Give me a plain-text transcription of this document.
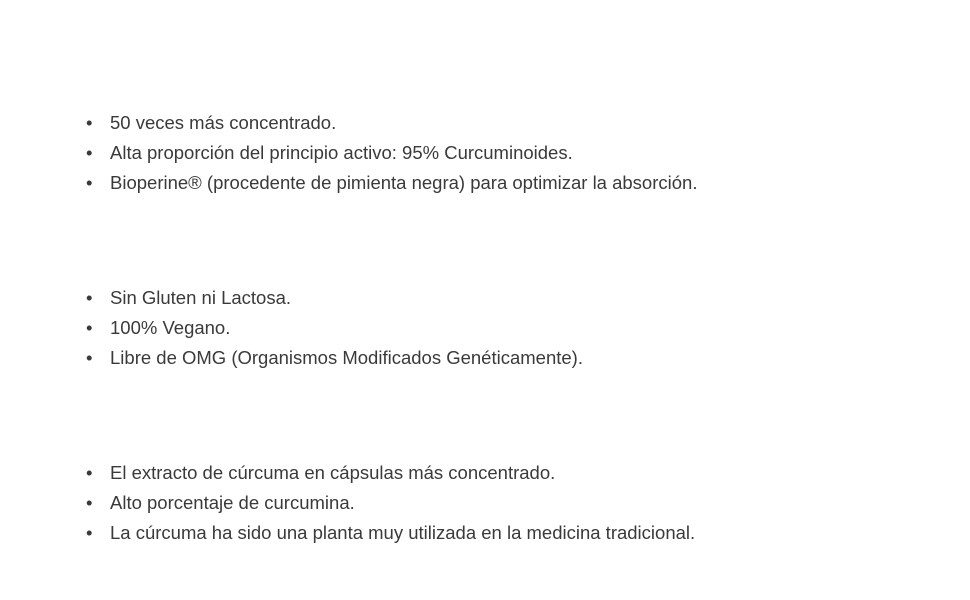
Extracto Raíz de Cúrcuma 50:1
• 50 veces más concentrado.
• Alta proporción del principio activo: 95% Curcuminoides.
• Bioperine® (procedente de pimienta negra) para optimizar la absorción.
1 Sola Cápsula Vegetal al Día es Suficiente
• Sin Gluten ni Lactosa.
• 100% Vegano.
• Libre de OMG (Organismos Modificados Genéticamente).
SuperAlimento Concentrado
• El extracto de cúrcuma en cápsulas más concentrado.
• Alto porcentaje de curcumina.
• La cúrcuma ha sido una planta muy utilizada en la medicina tradicional.
